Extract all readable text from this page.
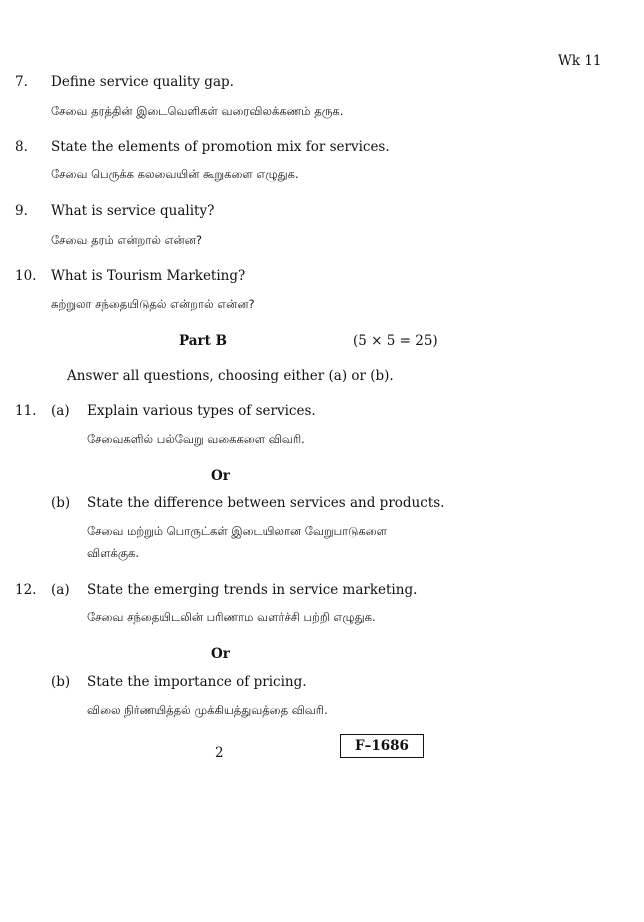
Wk 11
7. Define service quality gap.
சேவை தரத்தின் இடைவெளிகள் வரைவிலக்கணம் தருக.
8. State the elements of promotion mix for services.
சேவை பெருக்க கலவையின் கூறுகளை எழுதுக.
9. What is service quality?
சேவை தரம் என்றால் என்ன?
10. What is Tourism Marketing?
சுற்றுலா சந்தையிடுதல் என்றால் என்ன?
Part B	(5 × 5 = 25)
Answer all questions, choosing either (a) or (b).
11. (a) Explain various types of services.
சேவைகளில் பல்வேறு வகைகளை விவரி.
Or
(b) State the difference between services and products.
சேவை மற்றும் பொருட்கள் இடையிலான வேறுபாடுகளை
விளக்குக.
12. (a) State the emerging trends in service marketing.
சேவை சந்தையிடலின் பரிணாம வளர்ச்சி பற்றி எழுதுக.
Or
(b) State the importance of pricing.
விலை நிர்ணயித்தல் முக்கியத்துவத்தை விவரி.
2	F–1686
